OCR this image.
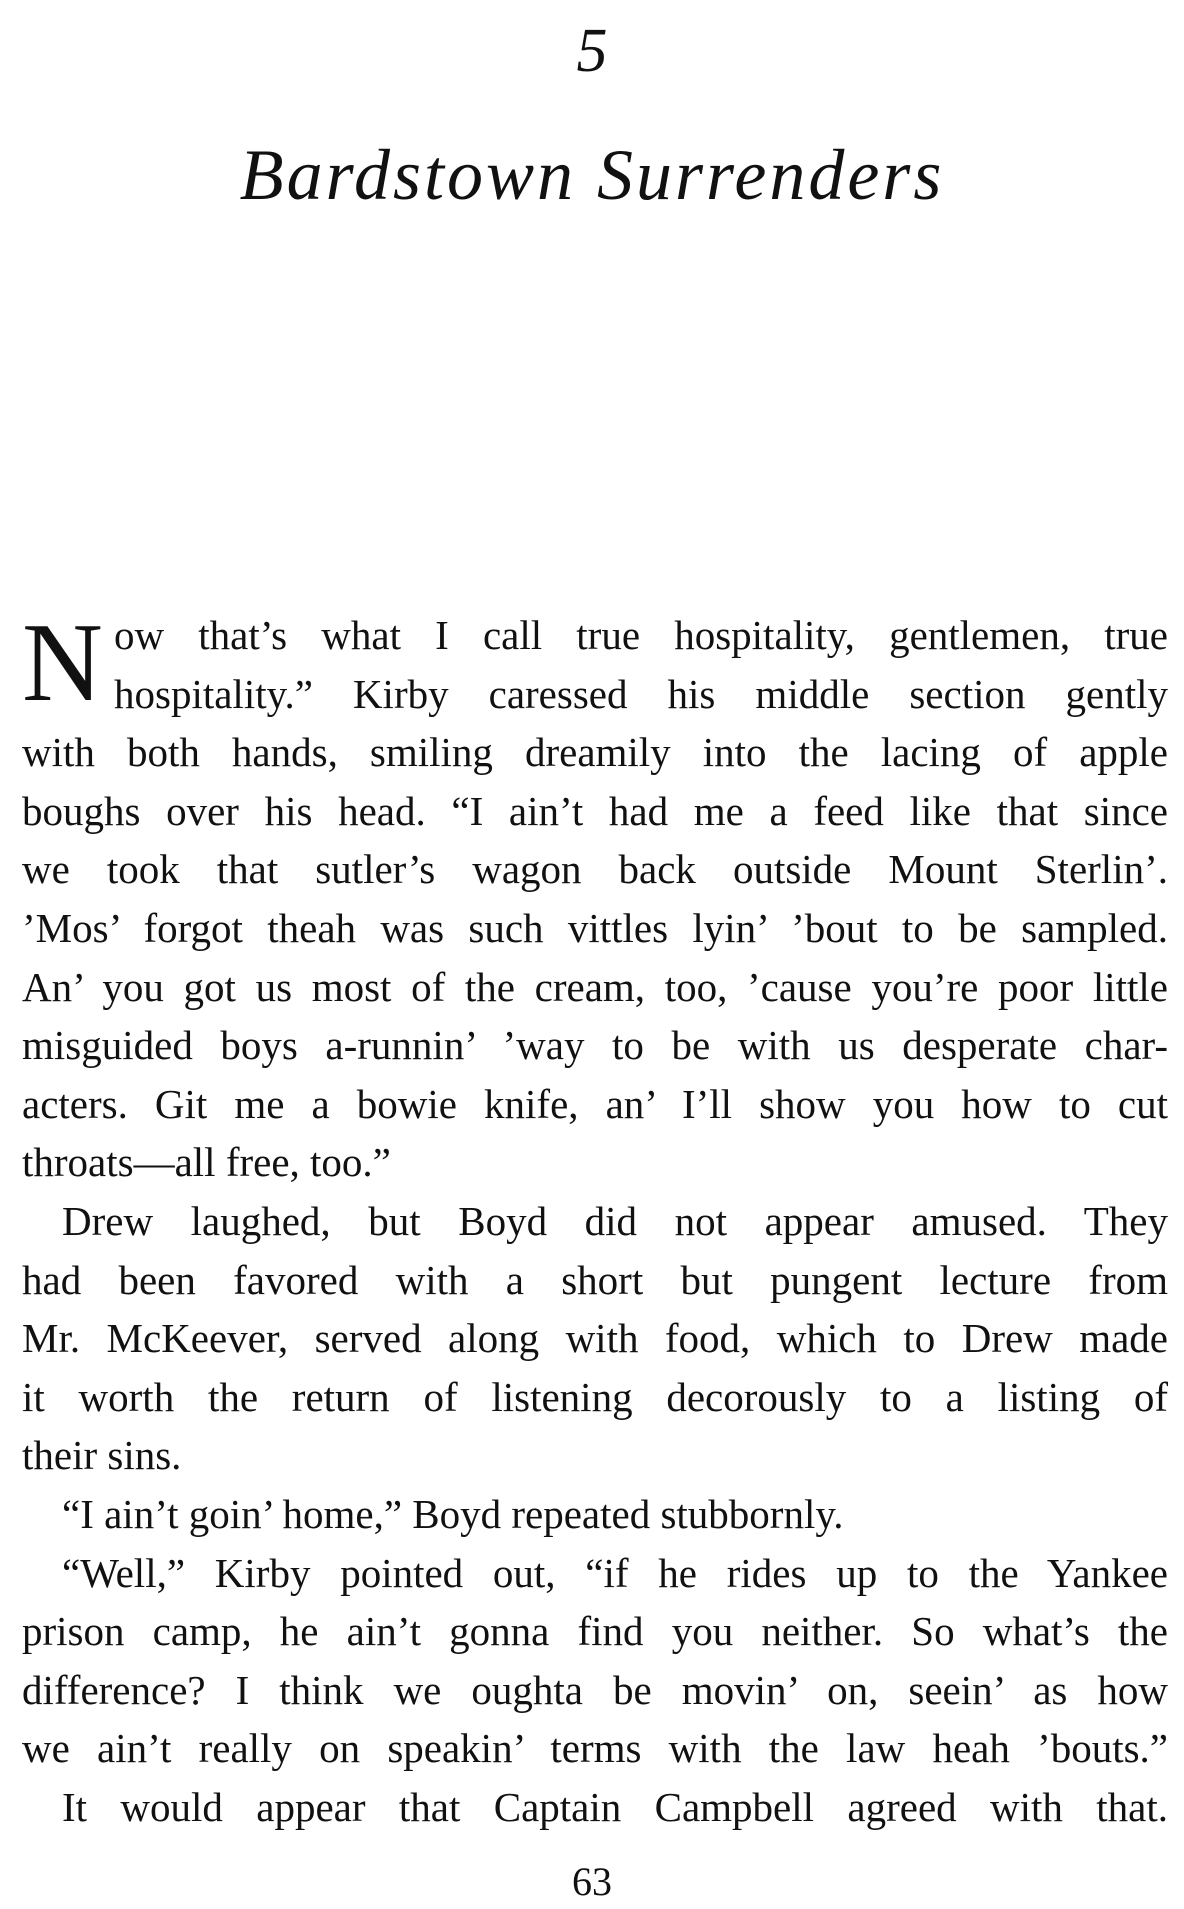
5
Bardstown Surrenders
N ow that’s what I call true hospitality, gentlemen, true
hospitality.” Kirby caressed his middle section gently
with both hands, smiling dreamily into the lacing of apple
boughs over his head. “I ain’t had me a feed like that since
we took that sutler’s wagon back outside Mount Sterlin’.
’Mos’ forgot theah was such vittles lyin’ ’bout to be sampled.
An’ you got us most of the cream, too, ’cause you’re poor little
misguided boys a-runnin’ ’way to be with us desperate char-
acters. Git me a bowie knife, an’ I’ll show you how to cut
throats—all free, too.”
Drew laughed, but Boyd did not appear amused. They
had been favored with a short but pungent lecture from
Mr. McKeever, served along with food, which to Drew made
it worth the return of listening decorously to a listing of
their sins.
“I ain’t goin’ home,” Boyd repeated stubbornly.
“Well,” Kirby pointed out, “if he rides up to the Yankee
prison camp, he ain’t gonna find you neither. So what’s the
difference? I think we oughta be movin’ on, seein’ as how
we ain’t really on speakin’ terms with the law heah ’bouts.”
It would appear that Captain Campbell agreed with that.
63
